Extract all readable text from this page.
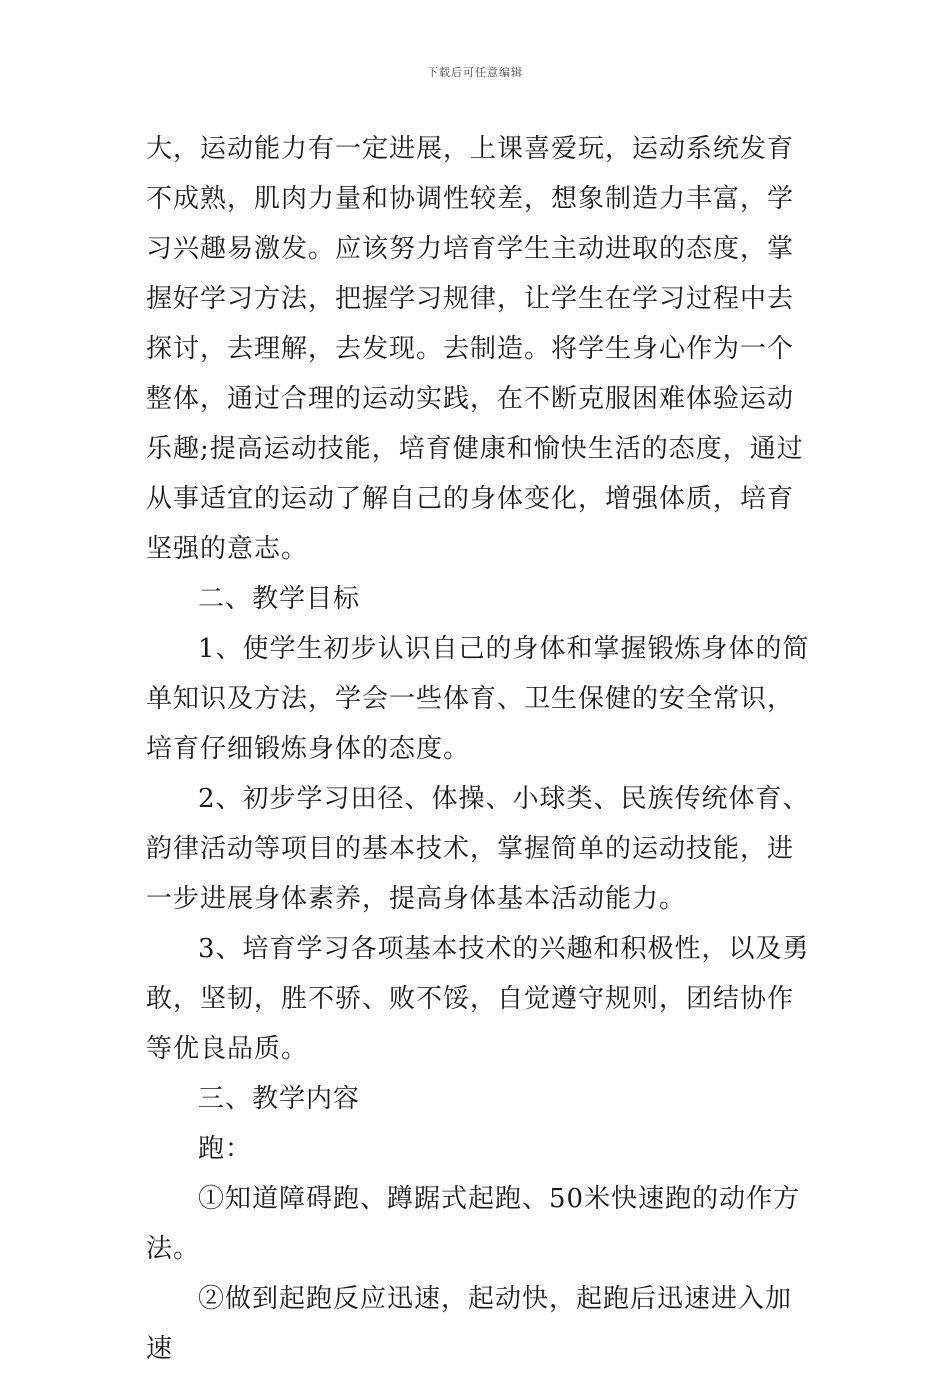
下载后可任意编辑

大，运动能力有一定进展，上课喜爱玩，运动系统发育不成熟，肌肉力量和协调性较差，想象制造力丰富，学习兴趣易激发。应该努力培育学生主动进取的态度，掌握好学习方法，把握学习规律，让学生在学习过程中去探讨，去理解，去发现。去制造。将学生身心作为一个整体，通过合理的运动实践，在不断克服困难体验运动乐趣;提高运动技能，培育健康和愉快生活的态度，通过从事适宜的运动了解自己的身体变化，增强体质，培育坚强的意志。

二、教学目标

1、使学生初步认识自己的身体和掌握锻炼身体的简单知识及方法，学会一些体育、卫生保健的安全常识，培育仔细锻炼身体的态度。

2、初步学习田径、体操、小球类、民族传统体育、韵律活动等项目的基本技术，掌握简单的运动技能，进一步进展身体素养，提高身体基本活动能力。

3、培育学习各项基本技术的兴趣和积极性，以及勇敢，坚韧，胜不骄、败不馁，自觉遵守规则，团结协作等优良品质。

三、教学内容

跑：

①知道障碍跑、蹲踞式起跑、50米快速跑的动作方法。

②做到起跑反应迅速，起动快，起跑后迅速进入加速
